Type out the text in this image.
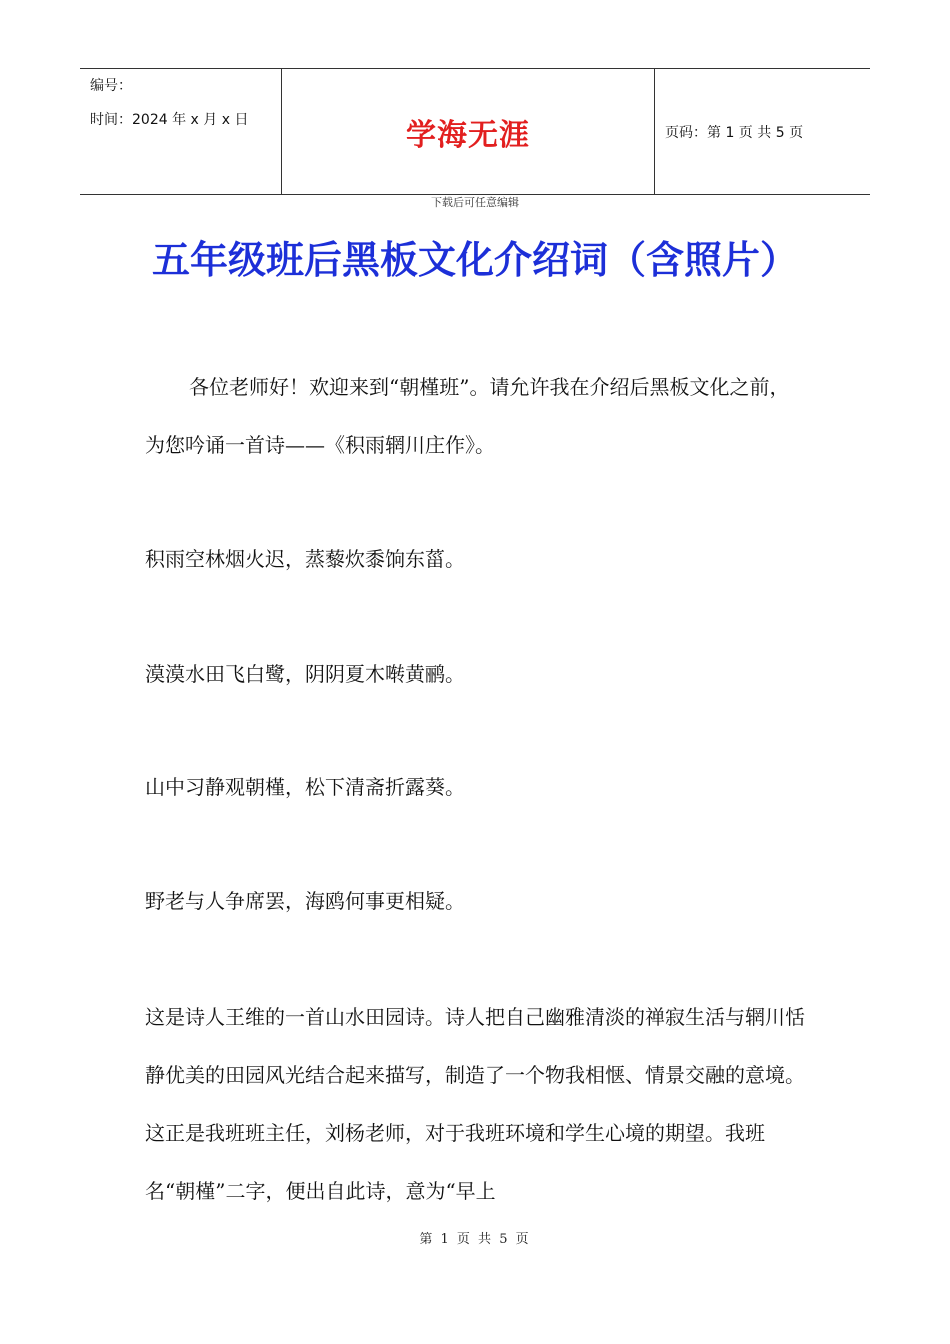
编号：
时间：2024 年 x 月 x 日	学海无涯	页码：第 1 页 共 5 页
下载后可任意编辑
五年级班后黑板文化介绍词（含照片）

各位老师好！欢迎来到“朝槿班”。请允许我在介绍后黑板文化之前，为您吟诵一首诗——《积雨辋川庄作》。

积雨空林烟火迟，蒸藜炊黍饷东菑。

漠漠水田飞白鹭，阴阴夏木啭黄鹂。

山中习静观朝槿，松下清斋折露葵。

野老与人争席罢，海鸥何事更相疑。

这是诗人王维的一首山水田园诗。诗人把自己幽雅清淡的禅寂生活与辋川恬静优美的田园风光结合起来描写，制造了一个物我相惬、情景交融的意境。这正是我班班主任，刘杨老师，对于我班环境和学生心境的期望。我班名“朝槿”二字，便出自此诗，意为“早上

第 1 页 共 5 页
